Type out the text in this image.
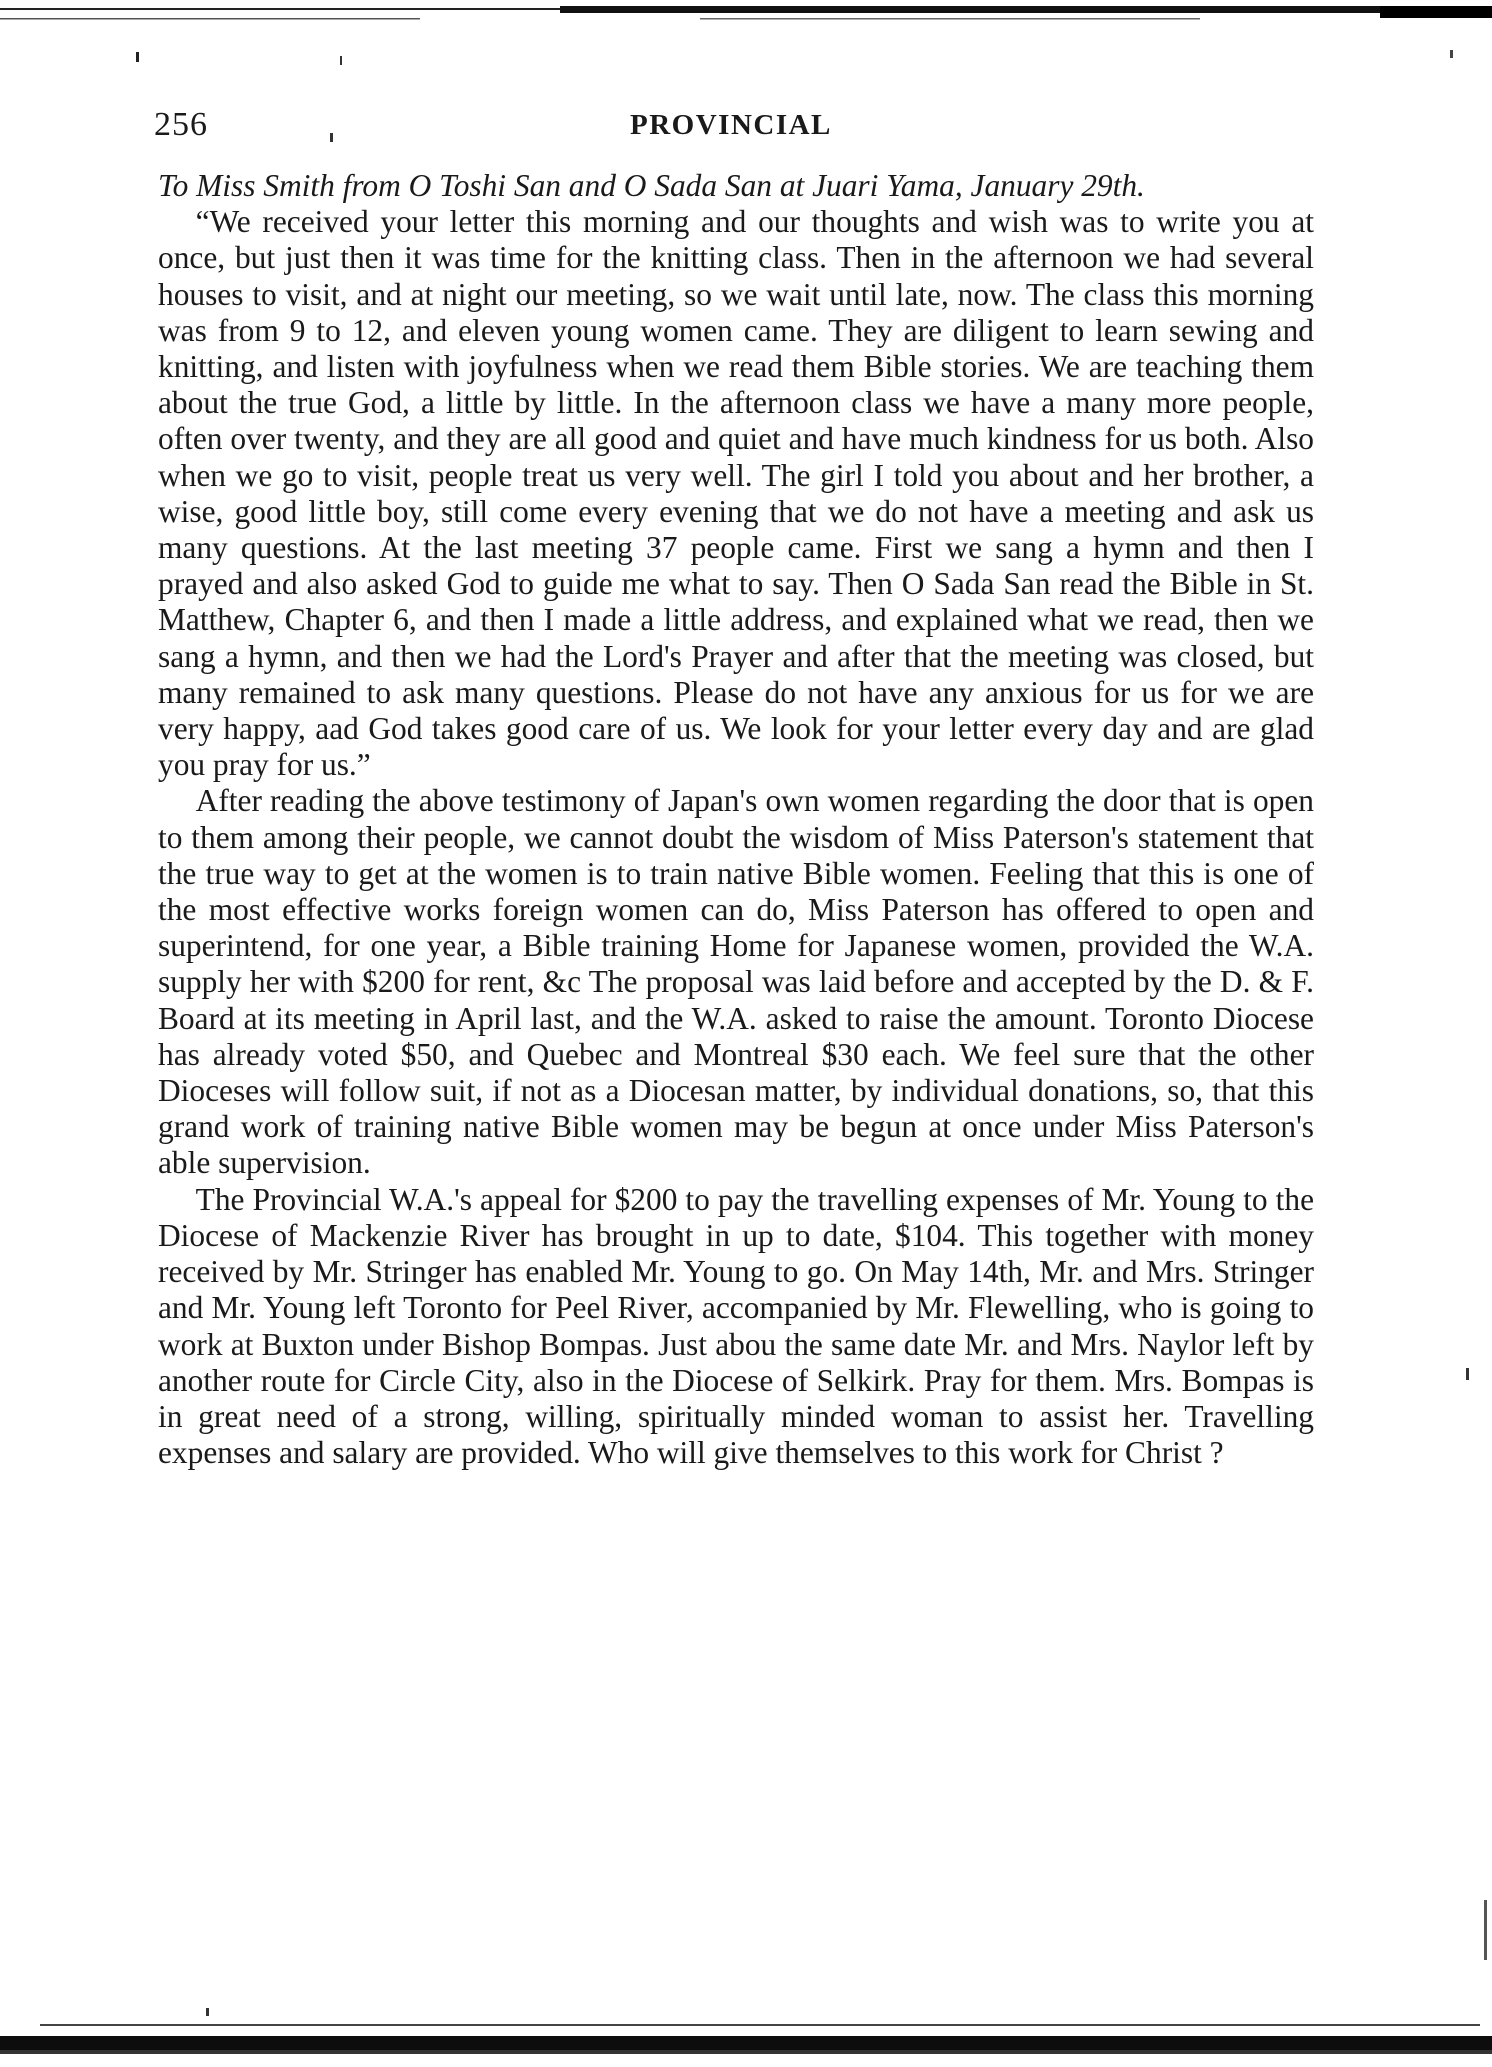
256	PROVINCIAL

To Miss Smith from O Toshi San and O Sada San at Juari Yama, January 29th.

“We received your letter this morning and our thoughts and wish was to write you at once, but just then it was time for the knitting class. Then in the afternoon we had several houses to visit, and at night our meeting, so we wait until late, now. The class this morning was from 9 to 12, and eleven young women came. They are diligent to learn sewing and knitting, and listen with joyfulness when we read them Bible stories. We are teaching them about the true God, a little by little. In the afternoon class we have a many more people, often over twenty, and they are all good and quiet and have much kindness for us both. Also when we go to visit, people treat us very well. The girl I told you about and her brother, a wise, good little boy, still come every evening that we do not have a meeting and ask us many questions. At the last meeting 37 people came. First we sang a hymn and then I prayed and also asked God to guide me what to say. Then O Sada San read the Bible in St. Matthew, Chapter 6, and then I made a little address, and explained what we read, then we sang a hymn, and then we had the Lord's Prayer and after that the meeting was closed, but many remained to ask many questions. Please do not have any anxious for us for we are very happy, aad God takes good care of us. We look for your letter every day and are glad you pray for us.”

After reading the above testimony of Japan's own women regarding the door that is open to them among their people, we cannot doubt the wisdom of Miss Paterson's statement that the true way to get at the women is to train native Bible women. Feeling that this is one of the most effective works foreign women can do, Miss Paterson has offered to open and superintend, for one year, a Bible training Home for Japanese women, provided the W.A. supply her with $200 for rent, &c The proposal was laid before and accepted by the D. & F. Board at its meeting in April last, and the W.A. asked to raise the amount. Toronto Diocese has already voted $50, and Quebec and Montreal $30 each. We feel sure that the other Dioceses will follow suit, if not as a Diocesan matter, by individual donations, so, that this grand work of training native Bible women may be begun at once under Miss Paterson's able supervision.

The Provincial W.A.'s appeal for $200 to pay the travelling expenses of Mr. Young to the Diocese of Mackenzie River has brought in up to date, $104. This together with money received by Mr. Stringer has enabled Mr. Young to go. On May 14th, Mr. and Mrs. Stringer and Mr. Young left Toronto for Peel River, accompanied by Mr. Flewelling, who is going to work at Buxton under Bishop Bompas. Just abou the same date Mr. and Mrs. Naylor left by another route for Circle City, also in the Diocese of Selkirk. Pray for them. Mrs. Bompas is in great need of a strong, willing, spiritually minded woman to assist her. Travelling expenses and salary are provided. Who will give themselves to this work for Christ ?
